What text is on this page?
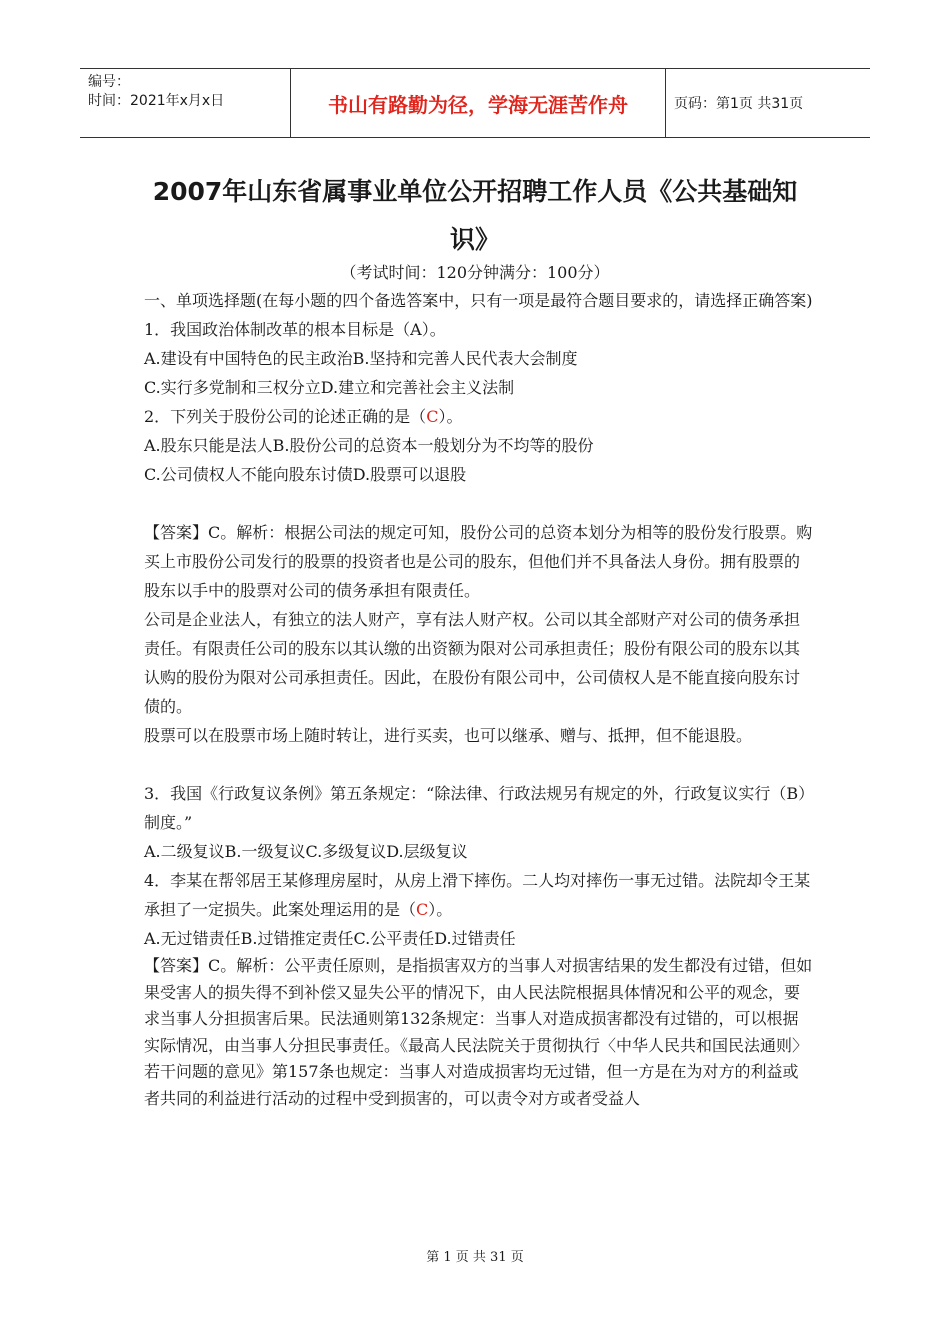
编号：
时间：2021年x月x日	书山有路勤为径，学海无涯苦作舟	页码：第1页 共31页
2007年山东省属事业单位公开招聘工作人员《公共基础知识》
（考试时间：120分钟满分：100分）

一、单项选择题(在每小题的四个备选答案中，只有一项是最符合题目要求的，请选择正确答案)

1．我国政治体制改革的根本目标是（A）。

A.建设有中国特色的民主政治B.坚持和完善人民代表大会制度

C.实行多党制和三权分立D.建立和完善社会主义法制

2．下列关于股份公司的论述正确的是（C）。

A.股东只能是法人B.股份公司的总资本一般划分为不均等的股份

C.公司债权人不能向股东讨债D.股票可以退股

【答案】C。解析：根据公司法的规定可知，股份公司的总资本划分为相等的股份发行股票。购买上市股份公司发行的股票的投资者也是公司的股东，但他们并不具备法人身份。拥有股票的股东以手中的股票对公司的债务承担有限责任。

公司是企业法人，有独立的法人财产，享有法人财产权。公司以其全部财产对公司的债务承担责任。有限责任公司的股东以其认缴的出资额为限对公司承担责任；股份有限公司的股东以其认购的股份为限对公司承担责任。因此，在股份有限公司中，公司债权人是不能直接向股东讨债的。

股票可以在股票市场上随时转让，进行买卖，也可以继承、赠与、抵押，但不能退股。

3．我国《行政复议条例》第五条规定：“除法律、行政法规另有规定的外，行政复议实行（B）制度。”

A.二级复议B.一级复议C.多级复议D.层级复议

4．李某在帮邻居王某修理房屋时，从房上滑下摔伤。二人均对摔伤一事无过错。法院却令王某承担了一定损失。此案处理运用的是（C）。

A.无过错责任B.过错推定责任C.公平责任D.过错责任

【答案】C。解析：公平责任原则，是指损害双方的当事人对损害结果的发生都没有过错，但如果受害人的损失得不到补偿又显失公平的情况下，由人民法院根据具体情况和公平的观念，要求当事人分担损害后果。民法通则第132条规定：当事人对造成损害都没有过错的，可以根据实际情况，由当事人分担民事责任。《最高人民法院关于贯彻执行〈中华人民共和国民法通则〉若干问题的意见》第157条也规定：当事人对造成损害均无过错，但一方是在为对方的利益或者共同的利益进行活动的过程中受到损害的，可以责令对方或者受益人

第 1 页 共 31 页
